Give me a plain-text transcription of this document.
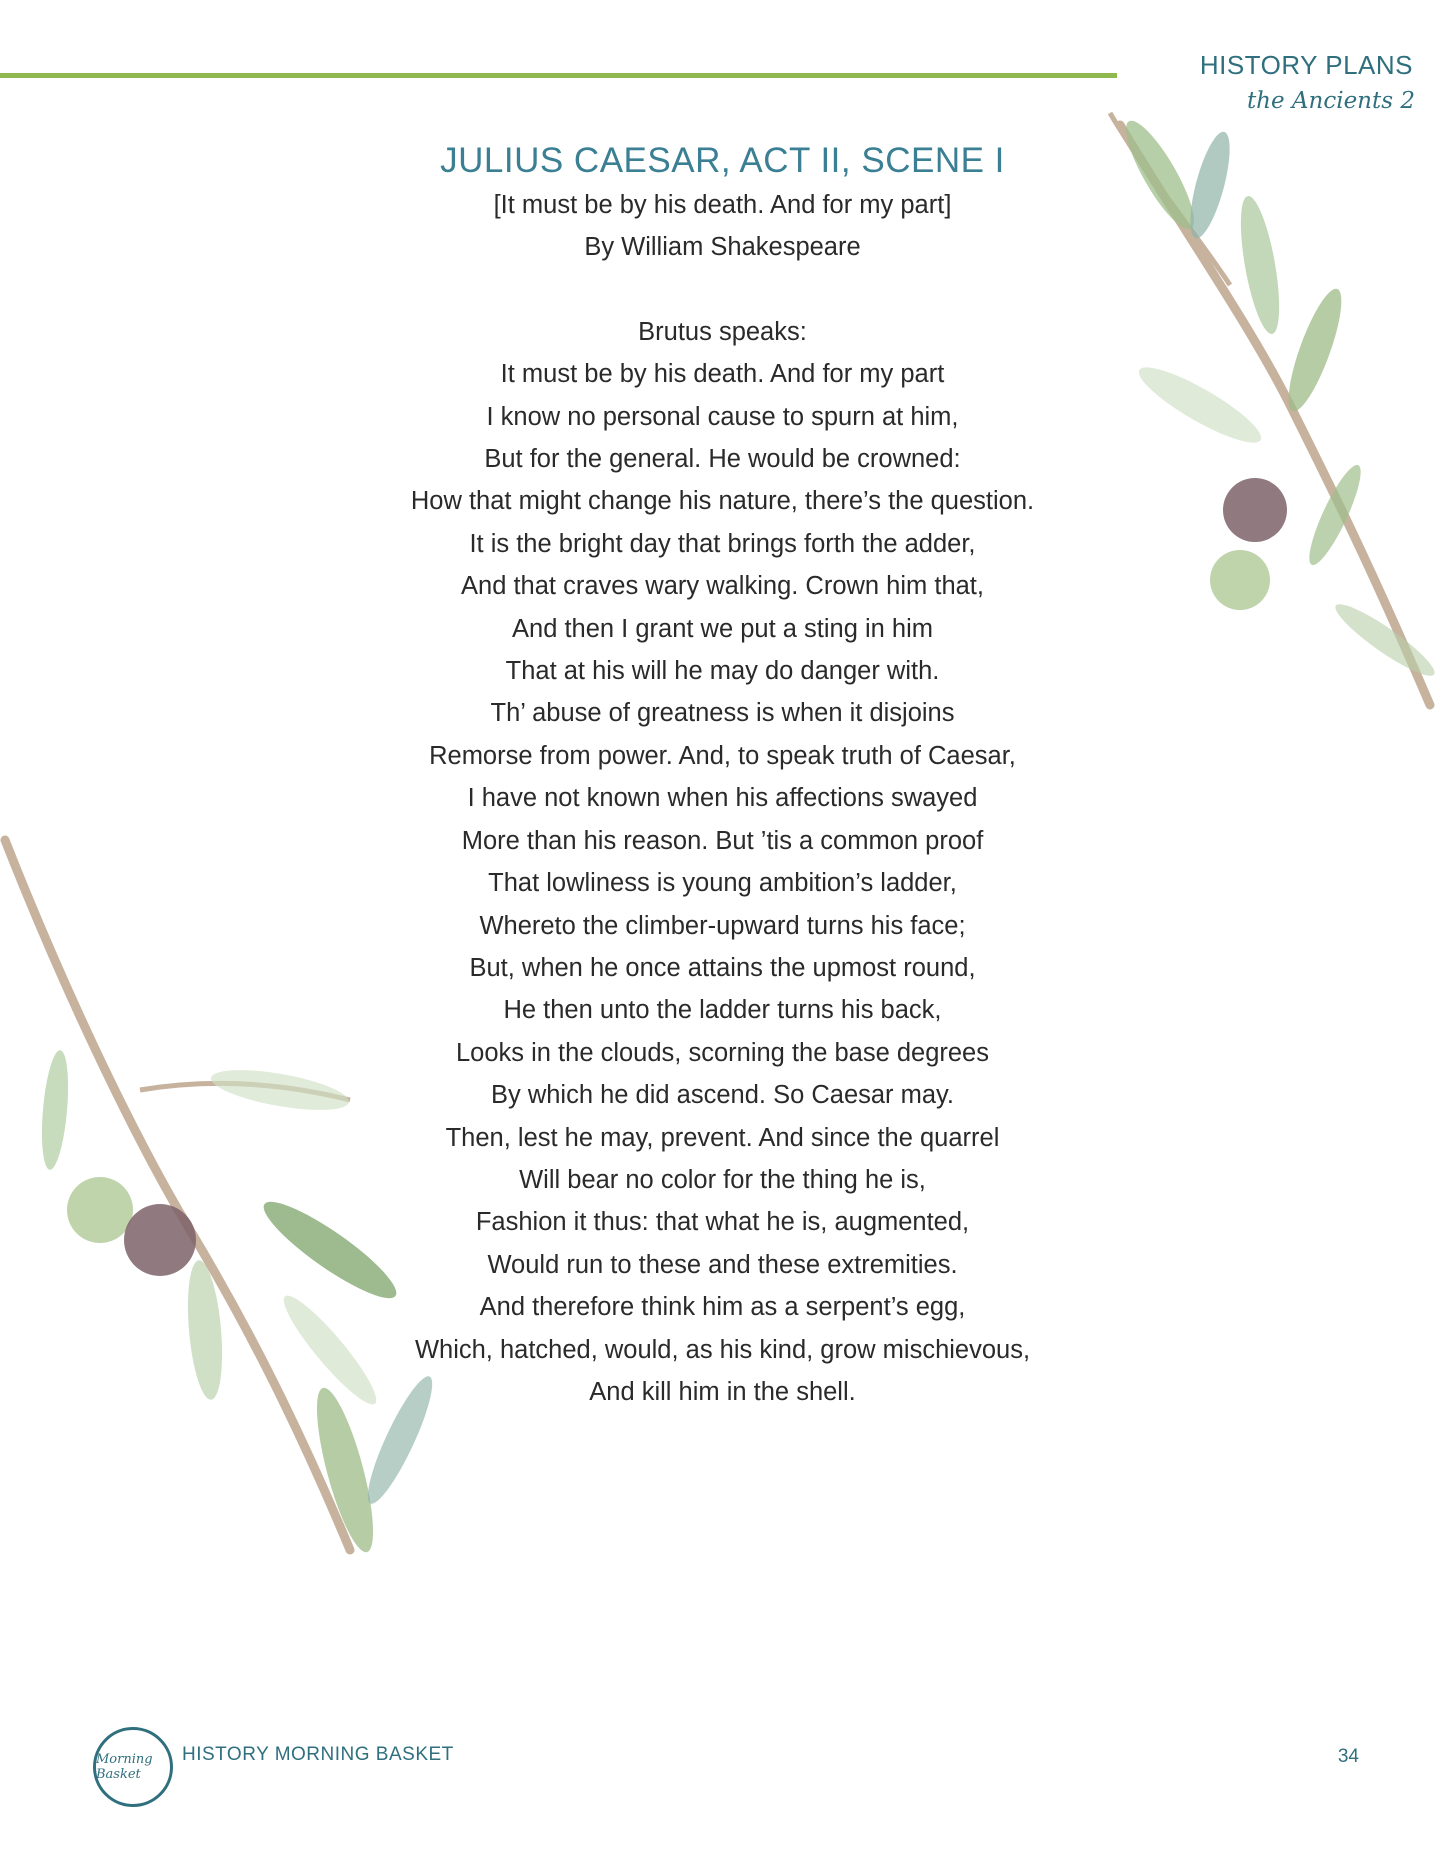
HISTORY PLANS
the Ancients 2
JULIUS CAESAR, ACT II, SCENE I

[It must be by his death. And for my part]

By William Shakespeare

Brutus speaks:

It must be by his death. And for my part

I know no personal cause to spurn at him,

But for the general. He would be crowned:

How that might change his nature, there’s the question.

It is the bright day that brings forth the adder,

And that craves wary walking. Crown him that,

And then I grant we put a sting in him

That at his will he may do danger with.

Th’ abuse of greatness is when it disjoins

Remorse from power. And, to speak truth of Caesar,

I have not known when his affections swayed

More than his reason. But ’tis a common proof

That lowliness is young ambition’s ladder,

Whereto the climber-upward turns his face;

But, when he once attains the upmost round,

He then unto the ladder turns his back,

Looks in the clouds, scorning the base degrees

By which he did ascend. So Caesar may.

Then, lest he may, prevent. And since the quarrel

Will bear no color for the thing he is,

Fashion it thus: that what he is, augmented,

Would run to these and these extremities.

And therefore think him as a serpent’s egg,

Which, hatched, would, as his kind, grow mischievous,

And kill him in the shell.

Morning Basket
HISTORY MORNING BASKET	34
